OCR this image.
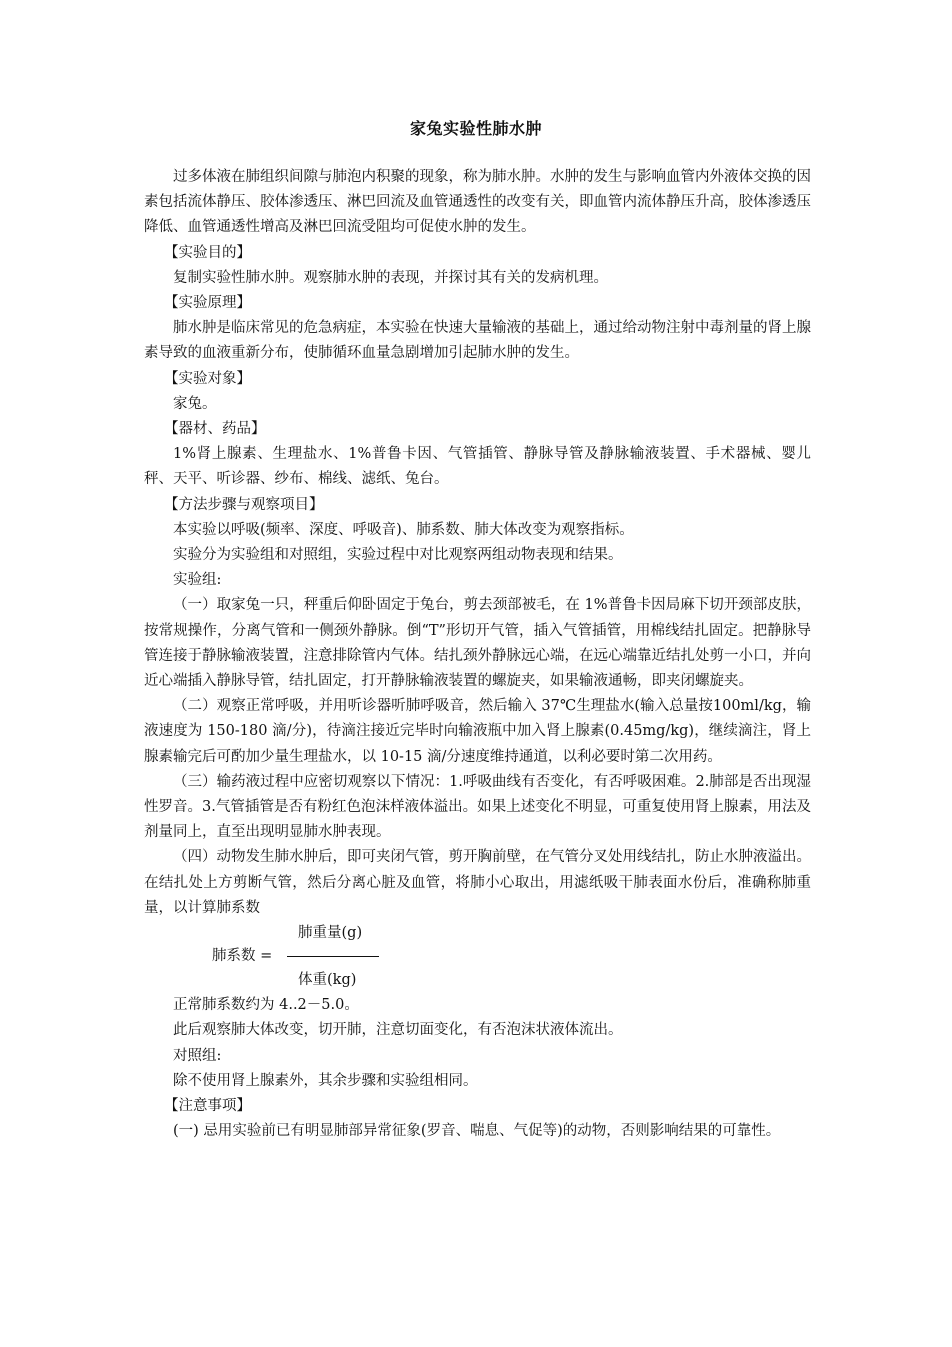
家兔实验性肺水肿

过多体液在肺组织间隙与肺泡内积聚的现象，称为肺水肿。水肿的发生与影响血管内外液体交换的因素包括流体静压、胶体渗透压、淋巴回流及血管通透性的改变有关，即血管内流体静压升高，胶体渗透压降低、血管通透性增高及淋巴回流受阻均可促使水肿的发生。

【实验目的】

复制实验性肺水肿。观察肺水肿的表现，并探讨其有关的发病机理。

【实验原理】

肺水肿是临床常见的危急病症，本实验在快速大量输液的基础上，通过给动物注射中毒剂量的肾上腺素导致的血液重新分布，使肺循环血量急剧增加引起肺水肿的发生。

【实验对象】

家兔。

【器材、药品】

1%肾上腺素、生理盐水、1%普鲁卡因、气管插管、静脉导管及静脉输液装置、手术器械、婴儿秤、天平、听诊器、纱布、棉线、滤纸、兔台。

【方法步骤与观察项目】

本实验以呼吸(频率、深度、呼吸音)、肺系数、肺大体改变为观察指标。

实验分为实验组和对照组，实验过程中对比观察两组动物表现和结果。

实验组:

（一）取家兔一只，秤重后仰卧固定于兔台，剪去颈部被毛，在 1%普鲁卡因局麻下切开颈部皮肤，按常规操作，分离气管和一侧颈外静脉。倒“T”形切开气管，插入气管插管，用棉线结扎固定。把静脉导管连接于静脉输液装置，注意排除管内气体。结扎颈外静脉远心端，在远心端靠近结扎处剪一小口，并向近心端插入静脉导管，结扎固定，打开静脉输液装置的螺旋夹，如果输液通畅，即夹闭螺旋夹。

（二）观察正常呼吸，并用听诊器听肺呼吸音，然后输入 37℃生理盐水(输入总量按100ml/kg，输液速度为 150-180 滴/分)，待滴注接近完毕时向输液瓶中加入肾上腺素(0.45mg/kg)，继续滴注，肾上腺素输完后可酌加少量生理盐水，以 10-15 滴/分速度维持通道，以利必要时第二次用药。

（三）输药液过程中应密切观察以下情况：1.呼吸曲线有否变化，有否呼吸困难。2.肺部是否出现湿性罗音。3.气管插管是否有粉红色泡沫样液体溢出。如果上述变化不明显，可重复使用肾上腺素，用法及剂量同上，直至出现明显肺水肿表现。

（四）动物发生肺水肿后，即可夹闭气管，剪开胸前壁，在气管分叉处用线结扎，防止水肿液溢出。在结扎处上方剪断气管，然后分离心脏及血管，将肺小心取出，用滤纸吸干肺表面水份后，准确称肺重量，以计算肺系数

肺系数 =
肺重量(g)
体重(kg)

正常肺系数约为 4..2－5.0。

此后观察肺大体改变，切开肺，注意切面变化，有否泡沫状液体流出。

对照组:

除不使用肾上腺素外，其余步骤和实验组相同。

【注意事项】

(一) 忌用实验前已有明显肺部异常征象(罗音、喘息、气促等)的动物，否则影响结果的可靠性。
